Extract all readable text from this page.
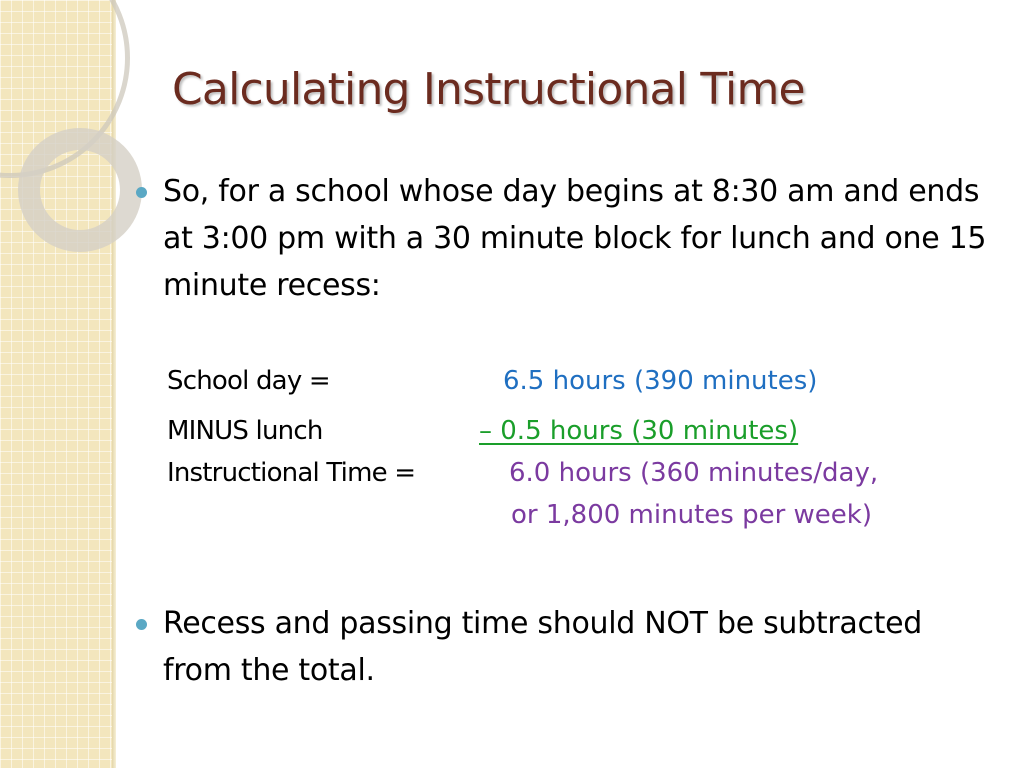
Calculating Instructional Time
So, for a school whose day begins at 8:30 am and ends at 3:00 pm with a 30 minute block for lunch and one 15 minute recess:
School day =	6.5 hours (390 minutes)
MINUS lunch	– 0.5 hours (30 minutes)
Instructional Time =	6.0 hours (360 minutes/day,
or 1,800 minutes per week)
Recess and passing time should NOT be subtracted from the total.
